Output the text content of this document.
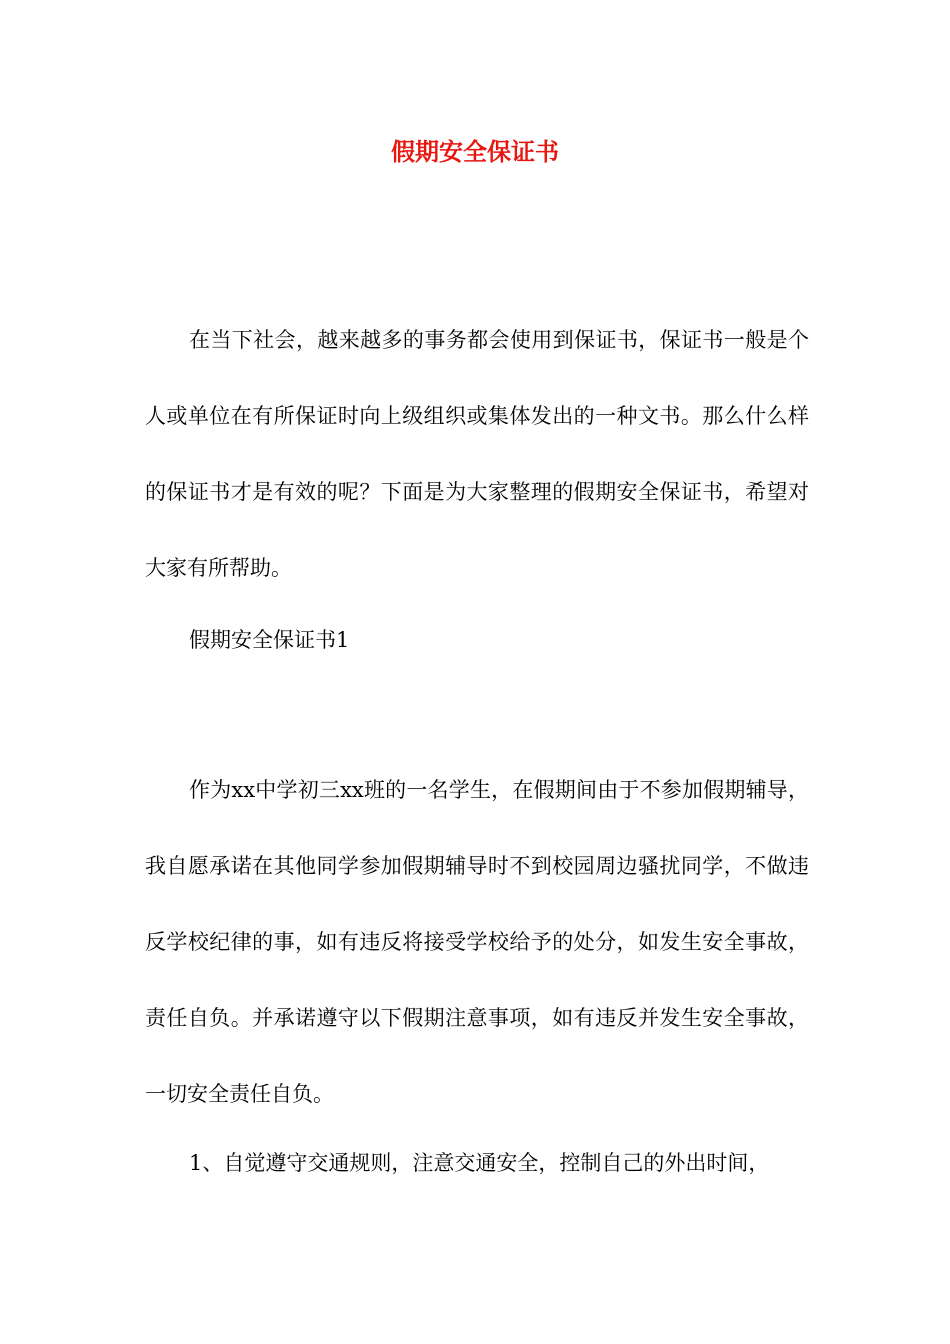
假期安全保证书

在当下社会，越来越多的事务都会使用到保证书，保证书一般是个人或单位在有所保证时向上级组织或集体发出的一种文书。那么什么样的保证书才是有效的呢？下面是为大家整理的假期安全保证书，希望对大家有所帮助。

假期安全保证书1

作为xx中学初三xx班的一名学生，在假期间由于不参加假期辅导，我自愿承诺在其他同学参加假期辅导时不到校园周边骚扰同学，不做违反学校纪律的事，如有违反将接受学校给予的处分，如发生安全事故，责任自负。并承诺遵守以下假期注意事项，如有违反并发生安全事故，一切安全责任自负。

1、自觉遵守交通规则，注意交通安全，控制自己的外出时间，
